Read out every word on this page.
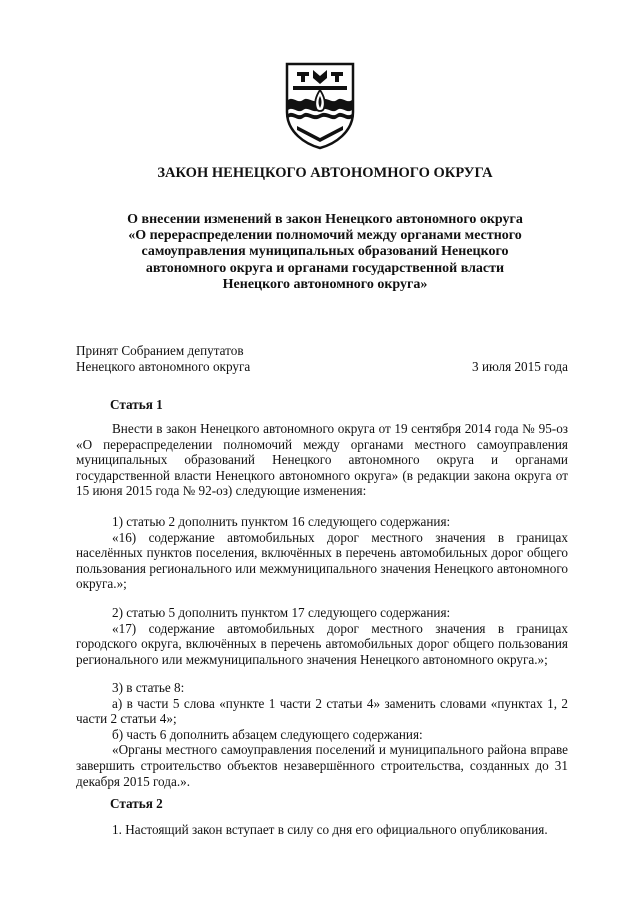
ЗАКОН НЕНЕЦКОГО АВТОНОМНОГО ОКРУГА
О внесении изменений в закон Ненецкого автономного округа
«О перераспределении полномочий между органами местного
самоуправления муниципальных образований Ненецкого
автономного округа и органами государственной власти
Ненецкого автономного округа»
Принят Собранием депутатов
Ненецкого автономного округа	3 июля 2015 года
Статья 1
Внести в закон Ненецкого автономного округа от 19 сентября 2014 года № 95-оз
«О перераспределении полномочий между органами местного самоуправления
муниципальных образований Ненецкого автономного округа и органами
государственной власти Ненецкого автономного округа» (в редакции закона округа от
15 июня 2015 года № 92-оз) следующие изменения:
1) статью 2 дополнить пунктом 16 следующего содержания:
«16) содержание автомобильных дорог местного значения в границах
населённых пунктов поселения, включённых в перечень автомобильных дорог общего
пользования регионального или межмуниципального значения Ненецкого автономного
округа.»;
2) статью 5 дополнить пунктом 17 следующего содержания:
«17) содержание автомобильных дорог местного значения в границах
городского округа, включённых в перечень автомобильных дорог общего пользования
регионального или межмуниципального значения Ненецкого автономного округа.»;
3) в статье 8:
а) в части 5 слова «пункте 1 части 2 статьи 4» заменить словами «пунктах 1, 2
части 2 статьи 4»;
б) часть 6 дополнить абзацем следующего содержания:
«Органы местного самоуправления поселений и муниципального района вправе
завершить строительство объектов незавершённого строительства, созданных до 31
декабря 2015 года.».
Статья 2
1. Настоящий закон вступает в силу со дня его официального опубликования.
